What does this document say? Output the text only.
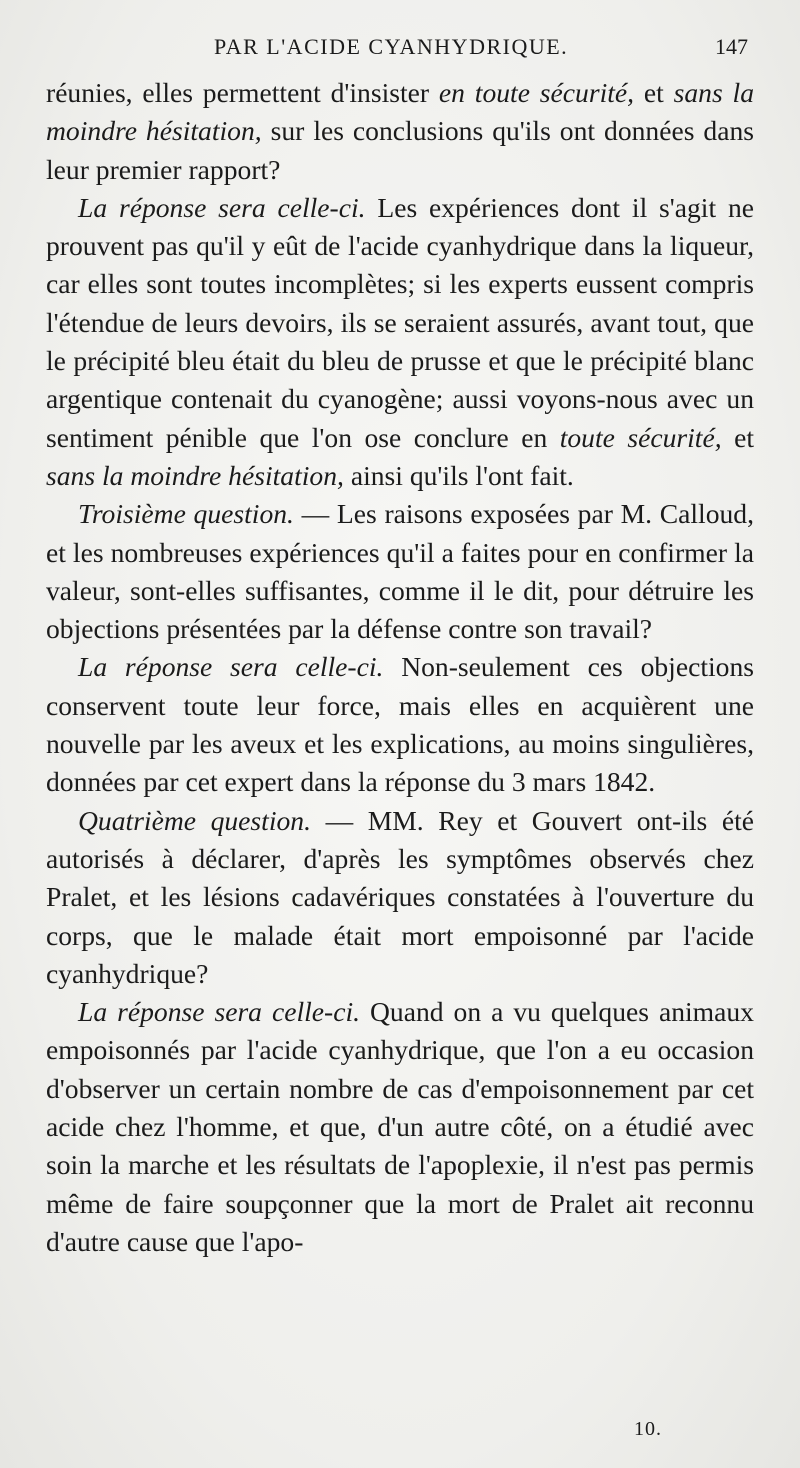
PAR L'ACIDE CYANHYDRIQUE.	147

réunies, elles permettent d'insister en toute sécurité, et sans la moindre hésitation, sur les conclusions qu'ils ont données dans leur premier rapport?

La réponse sera celle-ci. Les expériences dont il s'agit ne prouvent pas qu'il y eût de l'acide cyanhydrique dans la liqueur, car elles sont toutes incomplètes; si les experts eussent compris l'étendue de leurs devoirs, ils se seraient assurés, avant tout, que le précipité bleu était du bleu de prusse et que le précipité blanc argentique contenait du cyanogène; aussi voyons-nous avec un sentiment pénible que l'on ose conclure en toute sécurité, et sans la moindre hésitation, ainsi qu'ils l'ont fait.

Troisième question. — Les raisons exposées par M. Calloud, et les nombreuses expériences qu'il a faites pour en confirmer la valeur, sont-elles suffisantes, comme il le dit, pour détruire les objections présentées par la défense contre son travail?

La réponse sera celle-ci. Non-seulement ces objections conservent toute leur force, mais elles en acquièrent une nouvelle par les aveux et les explications, au moins singulières, données par cet expert dans la réponse du 3 mars 1842.

Quatrième question. — MM. Rey et Gouvert ont-ils été autorisés à déclarer, d'après les symptômes observés chez Pralet, et les lésions cadavériques constatées à l'ouverture du corps, que le malade était mort empoisonné par l'acide cyanhydrique?

La réponse sera celle-ci. Quand on a vu quelques animaux empoisonnés par l'acide cyanhydrique, que l'on a eu occasion d'observer un certain nombre de cas d'empoisonnement par cet acide chez l'homme, et que, d'un autre côté, on a étudié avec soin la marche et les résultats de l'apoplexie, il n'est pas permis même de faire soupçonner que la mort de Pralet ait reconnu d'autre cause que l'apo-

10.
